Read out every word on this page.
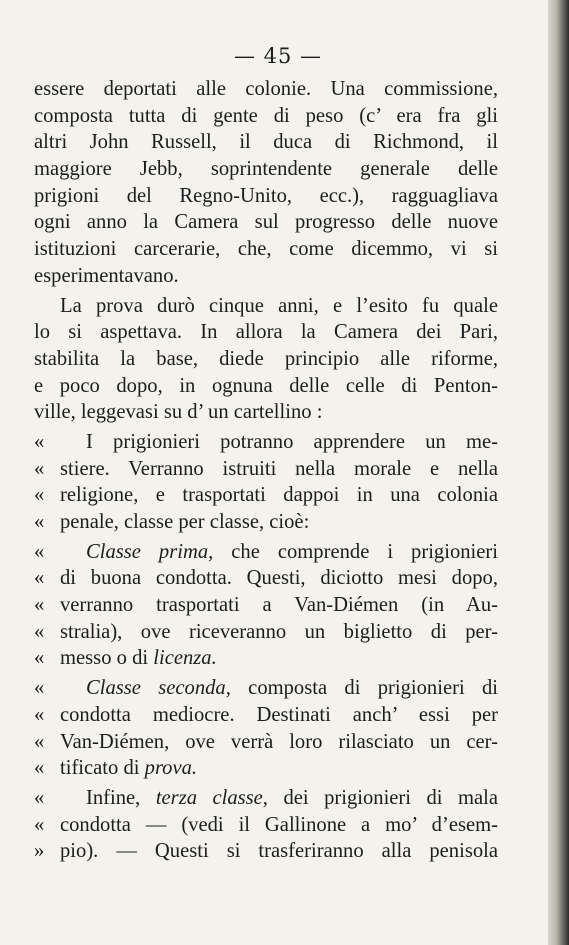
— 45 —
essere deportati alle colonie. Una commissione,
composta tutta di gente di peso (c’ era fra gli
altri John Russell, il duca di Richmond, il
maggiore Jebb, soprintendente generale delle
prigioni del Regno-Unito, ecc.), ragguagliava
ogni anno la Camera sul progresso delle nuove
istituzioni carcerarie, che, come dicemmo, vi si
esperimentavano.
La prova durò cinque anni, e l’esito fu quale
lo si aspettava. In allora la Camera dei Pari,
stabilita la base, diede principio alle riforme,
e poco dopo, in ognuna delle celle di Penton-
ville, leggevasi su d’ un cartellino :
« I prigionieri potranno apprendere un me-
« stiere. Verranno istruiti nella morale e nella
« religione, e trasportati dappoi in una colonia
« penale, classe per classe, cioè:
« Classe prima, che comprende i prigionieri
« di buona condotta. Questi, diciotto mesi dopo,
« verranno trasportati a Van-Diémen (in Au-
« stralia), ove riceveranno un biglietto di per-
« messo o di licenza.
« Classe seconda, composta di prigionieri di
« condotta mediocre. Destinati anch’ essi per
« Van-Diémen, ove verrà loro rilasciato un cer-
« tificato di prova.
« Infine, terza classe, dei prigionieri di mala
« condotta — (vedi il Gallinone a mo’ d’esem-
» pio). — Questi si trasferiranno alla penisola
